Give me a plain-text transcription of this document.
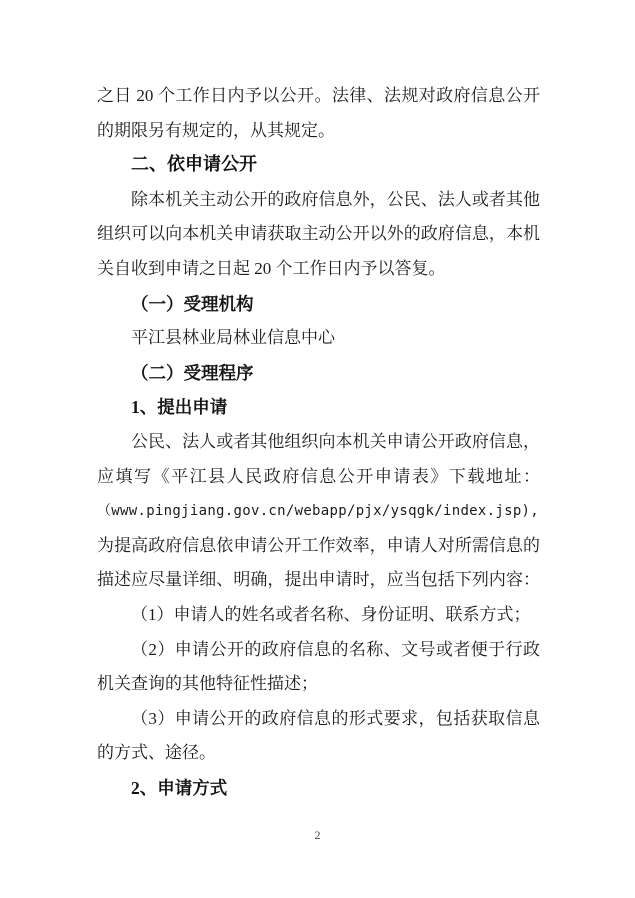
之日 20 个工作日内予以公开。法律、法规对政府信息公开
的期限另有规定的，从其规定。
二、依申请公开
除本机关主动公开的政府信息外，公民、法人或者其他
组织可以向本机关申请获取主动公开以外的政府信息，本机
关自收到申请之日起 20 个工作日内予以答复。
（一）受理机构
平江县林业局林业信息中心
（二）受理程序
1、提出申请
公民、法人或者其他组织向本机关申请公开政府信息，
应填写《平江县人民政府信息公开申请表》下载地址：
（www.pingjiang.gov.cn/webapp/pjx/ysqgk/index.jsp),
为提高政府信息依申请公开工作效率，申请人对所需信息的
描述应尽量详细、明确，提出申请时，应当包括下列内容：
（1）申请人的姓名或者名称、身份证明、联系方式；
（2）申请公开的政府信息的名称、文号或者便于行政
机关查询的其他特征性描述；
（3）申请公开的政府信息的形式要求，包括获取信息
的方式、途径。
2、申请方式
2
